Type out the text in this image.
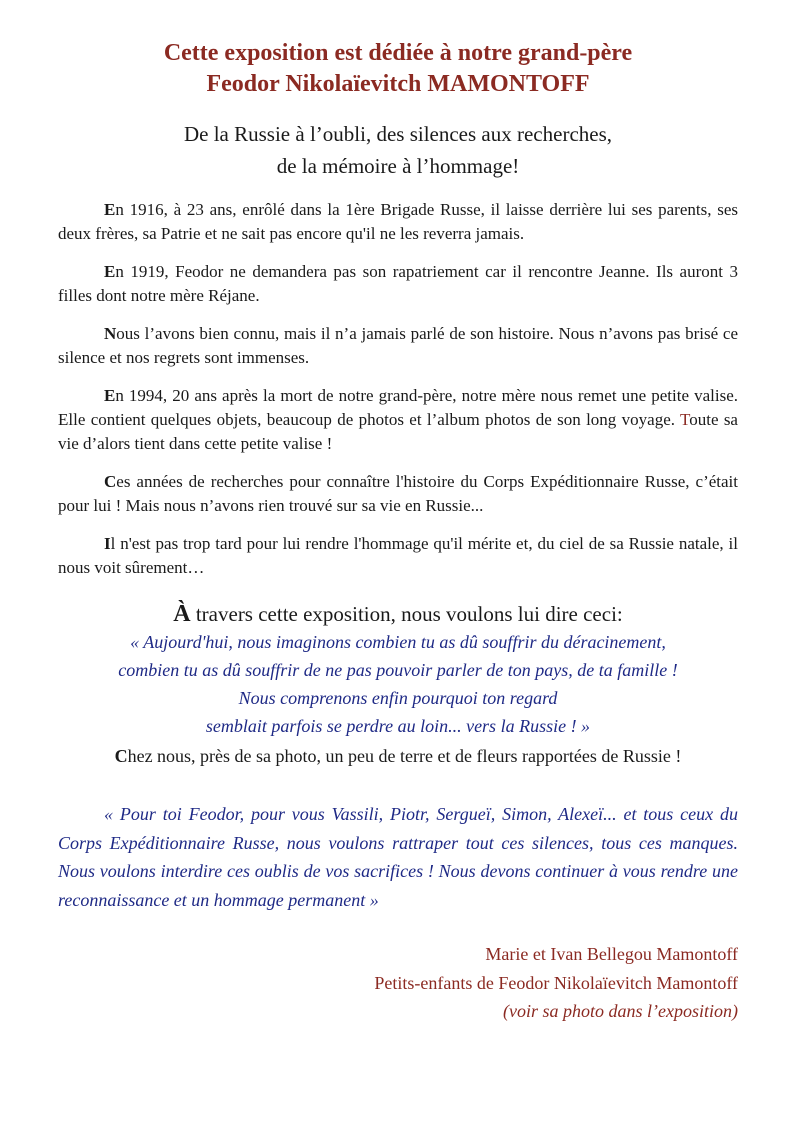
Cette exposition est dédiée à notre grand-père
Feodor Nikolaïevitch MAMONTOFF

De la Russie à l’oubli, des silences aux recherches,
de la mémoire à l’hommage!

En 1916, à 23 ans, enrôlé dans la 1ère Brigade Russe, il laisse derrière lui ses parents, ses deux frères, sa Patrie et ne sait pas encore qu'il ne les reverra jamais.

En 1919, Feodor ne demandera pas son rapatriement car il rencontre Jeanne. Ils auront 3 filles dont notre mère Réjane.

Nous l’avons bien connu, mais il n’a jamais parlé de son histoire. Nous n’avons pas brisé ce silence et nos regrets sont immenses.

En 1994, 20 ans après la mort de notre grand-père, notre mère nous remet une petite valise. Elle contient quelques objets, beaucoup de photos et l’album photos de son long voyage. Toute sa vie d’alors tient dans cette petite valise !

Ces années de recherches pour connaître l'histoire du Corps Expéditionnaire Russe, c’était pour lui ! Mais nous n’avons rien trouvé sur sa vie en Russie...

Il n'est pas trop tard pour lui rendre l'hommage qu'il mérite et, du ciel de sa Russie natale, il nous voit sûrement…

À travers cette exposition, nous voulons lui dire ceci:

« Aujourd'hui, nous imaginons combien tu as dû souffrir du déracinement,
combien tu as dû souffrir de ne pas pouvoir parler de ton pays, de ta famille !
Nous comprenons enfin pourquoi ton regard
semblait parfois se perdre au loin... vers la Russie ! »

Chez nous, près de sa photo, un peu de terre et de fleurs rapportées de Russie !

« Pour toi Feodor, pour vous Vassili, Piotr, Sergueï, Simon, Alexeï... et tous ceux du Corps Expéditionnaire Russe, nous voulons rattraper tout ces silences, tous ces manques. Nous voulons interdire ces oublis de vos sacrifices ! Nous devons continuer à vous rendre une reconnaissance et un hommage permanent »

Marie et Ivan Bellegou Mamontoff
Petits-enfants de Feodor Nikolaïevitch Mamontoff
(voir sa photo dans l’exposition)
